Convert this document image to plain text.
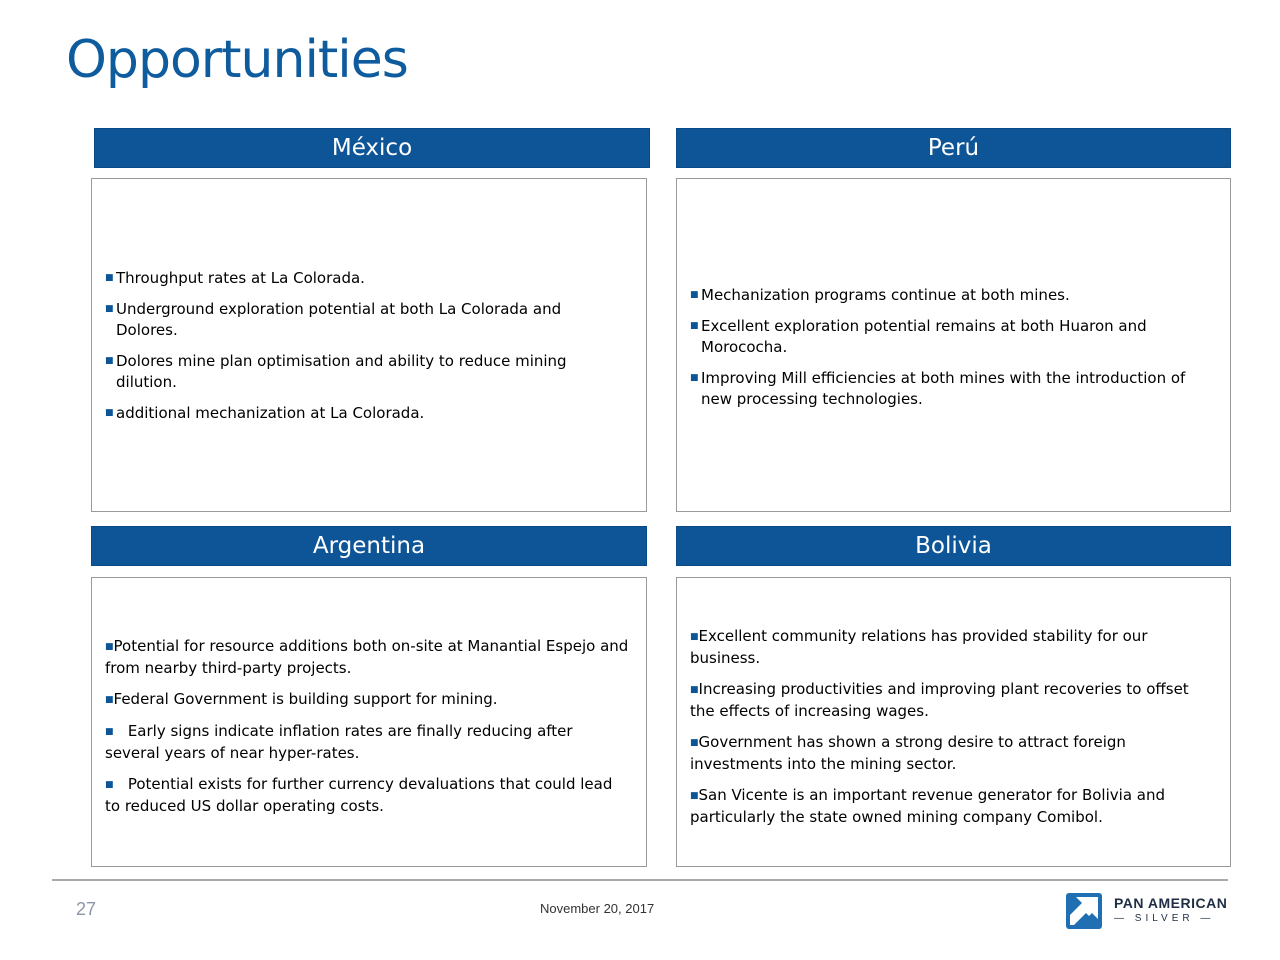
Opportunities
México
■ Throughput rates at La Colorada.
■ Underground exploration potential at both La Colorada and Dolores.
■ Dolores mine plan optimisation and ability to reduce mining dilution.
■ additional mechanization at La Colorada.
Perú
■ Mechanization programs continue at both mines.
■ Excellent exploration potential remains at both Huaron and Morococha.
■ Improving Mill efficiencies at both mines with the introduction of new processing technologies.
Argentina
■Potential for resource additions both on-site at Manantial Espejo and from nearby third-party projects.
■Federal Government is building support for mining.
■ Early signs indicate inflation rates are finally reducing after several years of near hyper-rates.
■ Potential exists for further currency devaluations that could lead to reduced US dollar operating costs.
Bolivia
■Excellent community relations has provided stability for our business.
■Increasing productivities and improving plant recoveries to offset the effects of increasing wages.
■Government has shown a strong desire to attract foreign investments into the mining sector.
■San Vicente is an important revenue generator for Bolivia and particularly the state owned mining company Comibol.
27	November 20, 2017	PAN AMERICAN
— SILVER —
